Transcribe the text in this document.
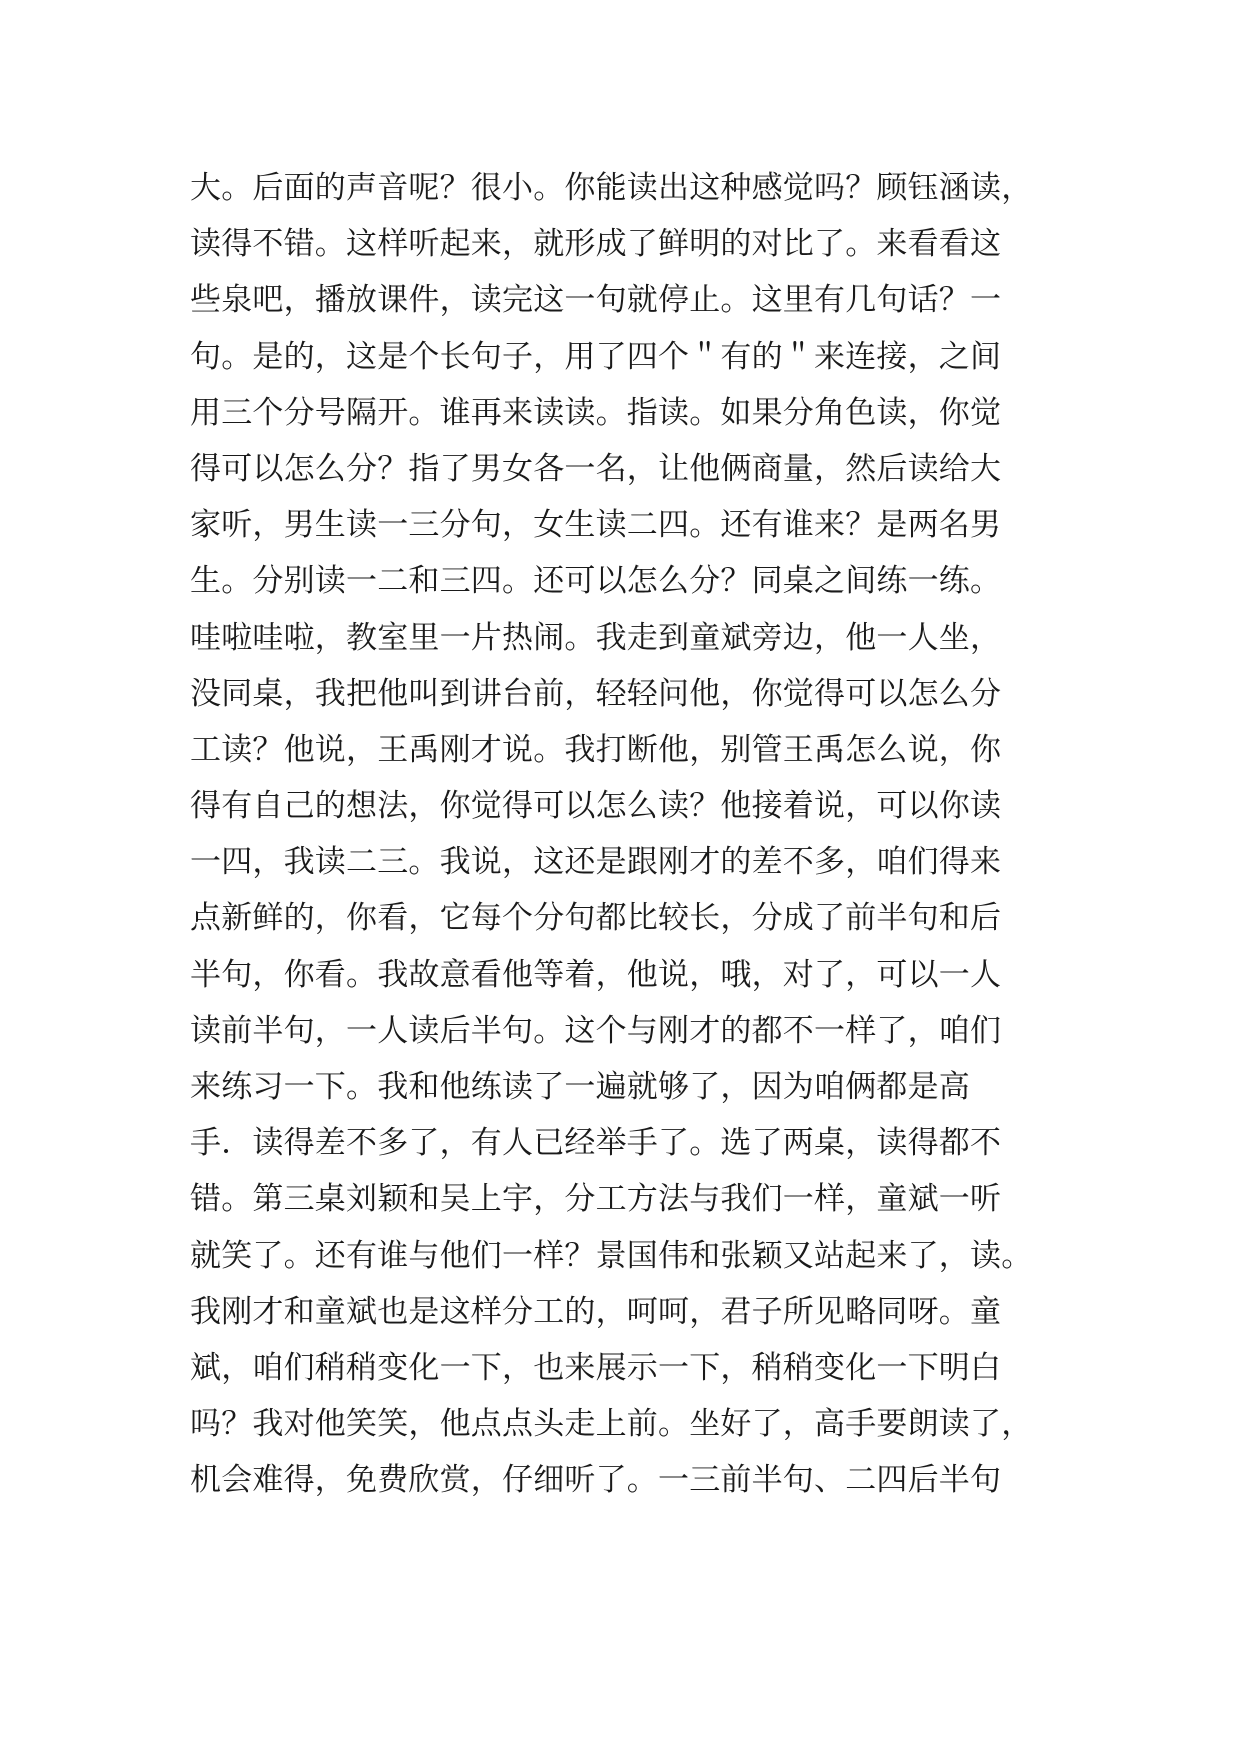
大。后面的声音呢？很小。你能读出这种感觉吗？顾钰涵读，
读得不错。这样听起来，就形成了鲜明的对比了。来看看这
些泉吧，播放课件，读完这一句就停止。这里有几句话？一
句。是的，这是个长句子，用了四个＂有的＂来连接，之间
用三个分号隔开。谁再来读读。指读。如果分角色读，你觉
得可以怎么分？指了男女各一名，让他俩商量，然后读给大
家听，男生读一三分句，女生读二四。还有谁来？是两名男
生。分别读一二和三四。还可以怎么分？同桌之间练一练。
哇啦哇啦，教室里一片热闹。我走到童斌旁边，他一人坐，
没同桌，我把他叫到讲台前，轻轻问他，你觉得可以怎么分
工读？他说，王禹刚才说。我打断他，别管王禹怎么说，你
得有自己的想法，你觉得可以怎么读？他接着说，可以你读
一四，我读二三。我说，这还是跟刚才的差不多，咱们得来
点新鲜的，你看，它每个分句都比较长，分成了前半句和后
半句，你看。我故意看他等着，他说，哦，对了，可以一人
读前半句，一人读后半句。这个与刚才的都不一样了，咱们
来练习一下。我和他练读了一遍就够了，因为咱俩都是高
手．读得差不多了，有人已经举手了。选了两桌，读得都不
错。第三桌刘颖和吴上宇，分工方法与我们一样，童斌一听
就笑了。还有谁与他们一样？景国伟和张颖又站起来了，读。
我刚才和童斌也是这样分工的，呵呵，君子所见略同呀。童
斌，咱们稍稍变化一下，也来展示一下，稍稍变化一下明白
吗？我对他笑笑，他点点头走上前。坐好了，高手要朗读了，
机会难得，免费欣赏，仔细听了。一三前半句、二四后半句
